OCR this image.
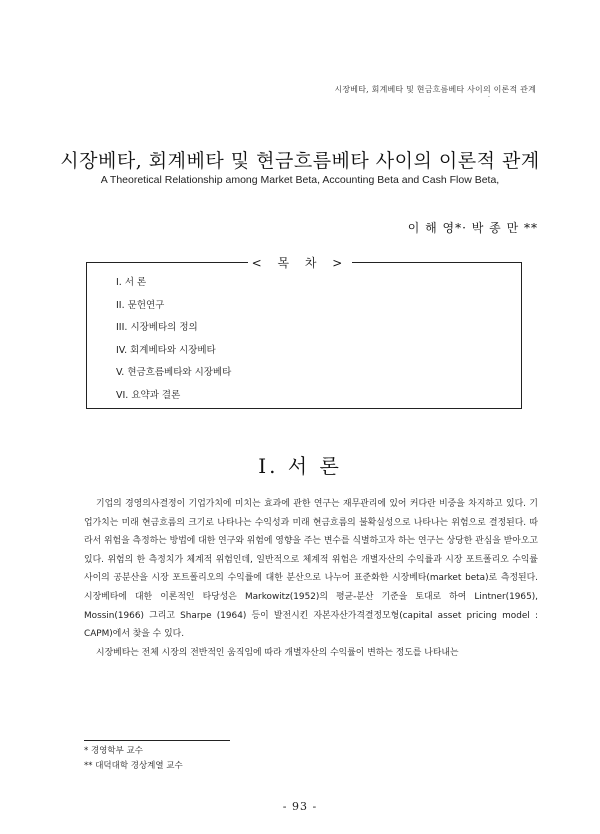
시장베타, 회계베타 및 현금흐름베타 사이의 이론적 관계
·
시장베타, 회계베타 및 현금흐름베타 사이의 이론적 관계
A Theoretical Relationship among Market Beta, Accounting Beta and Cash Flow Beta,
이 해 영*· 박 종 만 **
< 목 차 >
I. 서 론
II. 문헌연구
III. 시장베타의 정의
IV. 회계베타와 시장베타
V. 현금흐름베타와 시장베타
VI. 요약과 결론
I. 서 론

기업의 경영의사결정이 기업가치에 미치는 효과에 관한 연구는 재무관리에 있어 커다란 비중을 차지하고 있다. 기업가치는 미래 현금흐름의 크기로 나타나는 수익성과 미래 현금흐름의 불확실성으로 나타나는 위험으로 결정된다. 따라서 위험을 측정하는 방법에 대한 연구와 위험에 영향을 주는 변수를 식별하고자 하는 연구는 상당한 관심을 받아오고 있다. 위험의 한 측정치가 체계적 위험인데, 일반적으로 체계적 위험은 개별자산의 수익률과 시장 포트폴리오 수익률 사이의 공분산을 시장 포트폴리오의 수익률에 대한 분산으로 나누어 표준화한 시장베타(market beta)로 측정된다. 시장베타에 대한 이론적인 타당성은 Markowitz(1952)의 평균-분산 기준을 토대로 하여 Lintner(1965), Mossin(1966) 그리고 Sharpe (1964) 등이 발전시킨 자본자산가격결정모형(capital asset pricing model : CAPM)에서 찾을 수 있다.

시장베타는 전체 시장의 전반적인 움직임에 따라 개별자산의 수익률이 변하는 정도를 나타내는

* 경영학부 교수
** 대덕대학 경상계열 교수
- 93 -
